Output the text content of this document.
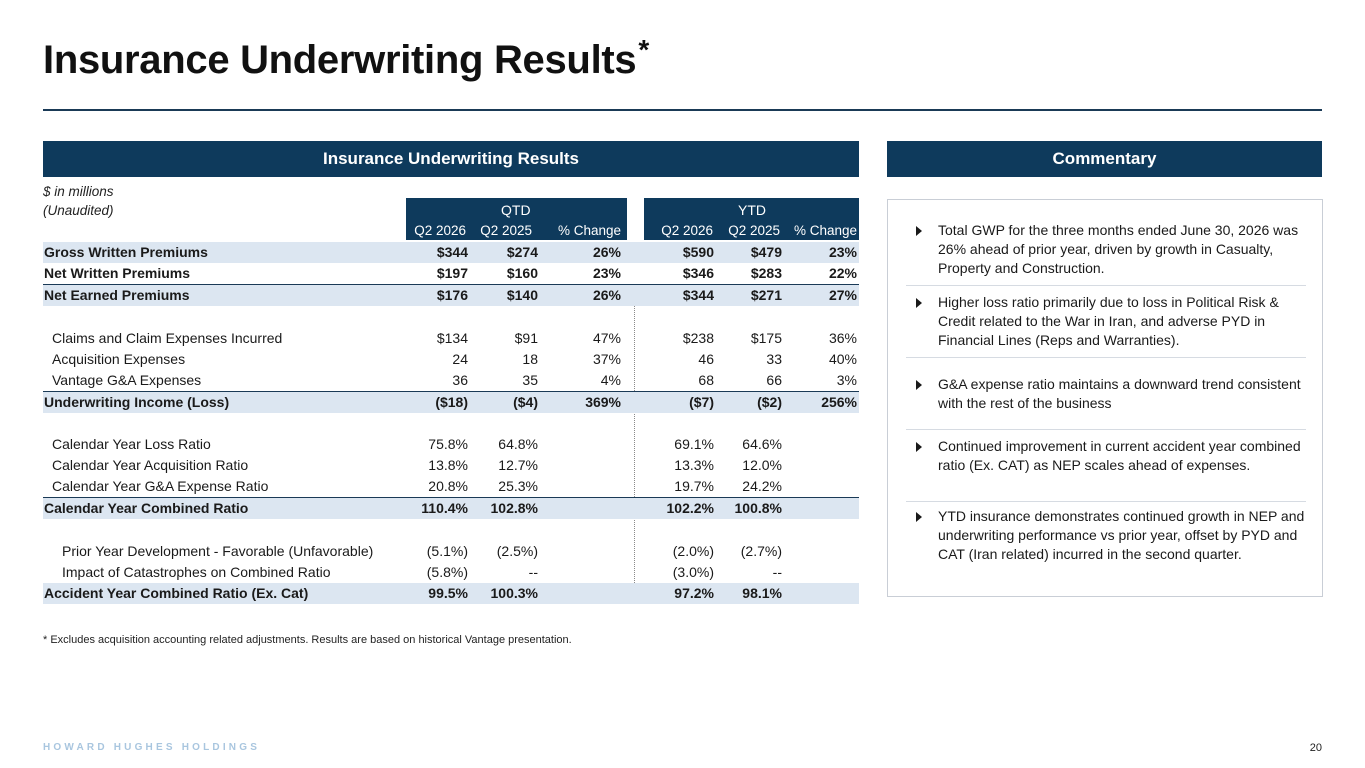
Insurance Underwriting Results*
Insurance Underwriting Results	Commentary
$ in millions
(Unaudited)	QTD
Q2 2026 Q2 2025 % Change
YTD
Q2 2026 Q2 2025 % Change
Gross Written Premiums	$344	$274	26%	$590	$479	23%
Net Written Premiums	$197	$160	23%	$346	$283	22%
Net Earned Premiums	$176	$140	26%	$344	$271	27%
Claims and Claim Expenses Incurred	$134	$91	47%	$238	$175	36%
Acquisition Expenses	24	18	37%	46	33	40%
Vantage G&A Expenses	36	35	4%	68	66	3%
Underwriting Income (Loss)	($18)	($4)	369%	($7)	($2)	256%
Calendar Year Loss Ratio	75.8% 64.8%	69.1% 64.6%
Calendar Year Acquisition Ratio	13.8% 12.7%	13.3% 12.0%
Calendar Year G&A Expense Ratio	20.8% 25.3%	19.7% 24.2%
Calendar Year Combined Ratio	110.4% 102.8%	102.2% 100.8%
Prior Year Development - Favorable (Unfavorable)	(5.1%) (2.5%)	(2.0%) (2.7%)
Impact of Catastrophes on Combined Ratio	(5.8%)	--	(3.0%)	--
Accident Year Combined Ratio (Ex. Cat)	99.5% 100.3%	97.2% 98.1%
* Excludes acquisition accounting related adjustments. Results are based on historical Vantage presentation.
Total GWP for the three months ended June 30, 2026 was 26% ahead of prior year, driven by growth in Casualty, Property and Construction.
Higher loss ratio primarily due to loss in Political Risk & Credit related to the War in Iran, and adverse PYD in Financial Lines (Reps and Warranties).
G&A expense ratio maintains a downward trend consistent with the rest of the business
Continued improvement in current accident year combined ratio (Ex. CAT) as NEP scales ahead of expenses.
YTD insurance demonstrates continued growth in NEP and underwriting performance vs prior year, offset by PYD and CAT (Iran related) incurred in the second quarter.
HOWARD HUGHES HOLDINGS	20
